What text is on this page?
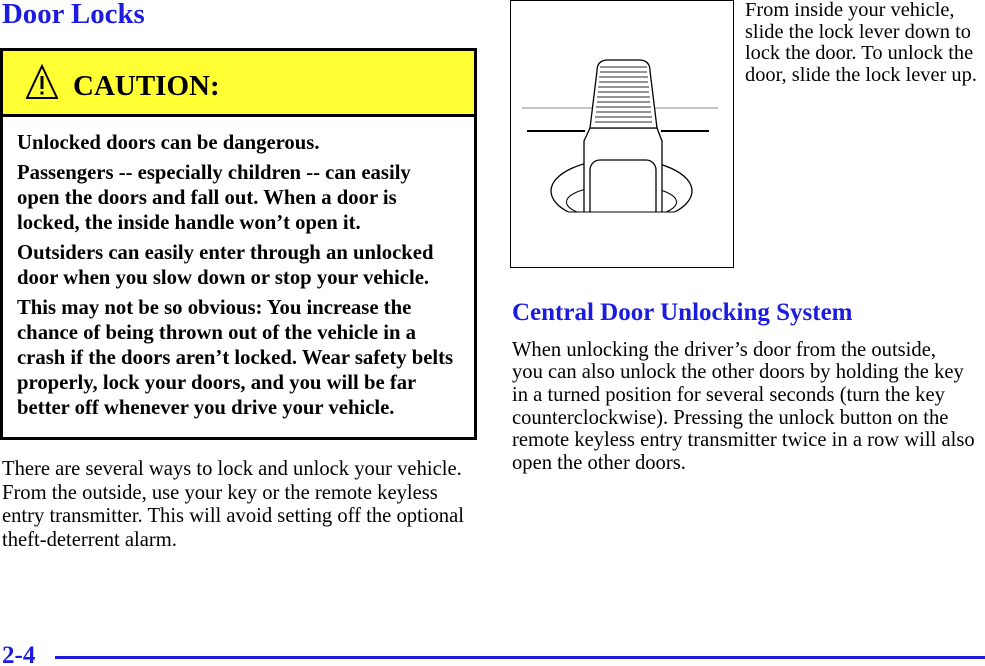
Door Locks
CAUTION:
Unlocked doors can be dangerous.
Passengers -- especially children -- can easily
open the doors and fall out. When a door is
locked, the inside handle won’t open it.
Outsiders can easily enter through an unlocked
door when you slow down or stop your vehicle.
This may not be so obvious: You increase the
chance of being thrown out of the vehicle in a
crash if the doors aren’t locked. Wear safety belts
properly, lock your doors, and you will be far
better off whenever you drive your vehicle.
There are several ways to lock and unlock your vehicle.
From the outside, use your key or the remote keyless
entry transmitter. This will avoid setting off the optional
theft-deterrent alarm.
From inside your vehicle,
slide the lock lever down to
lock the door. To unlock the
door, slide the lock lever up.
Central Door Unlocking System
When unlocking the driver’s door from the outside,
you can also unlock the other doors by holding the key
in a turned position for several seconds (turn the key
counterclockwise). Pressing the unlock button on the
remote keyless entry transmitter twice in a row will also
open the other doors.
2-4
